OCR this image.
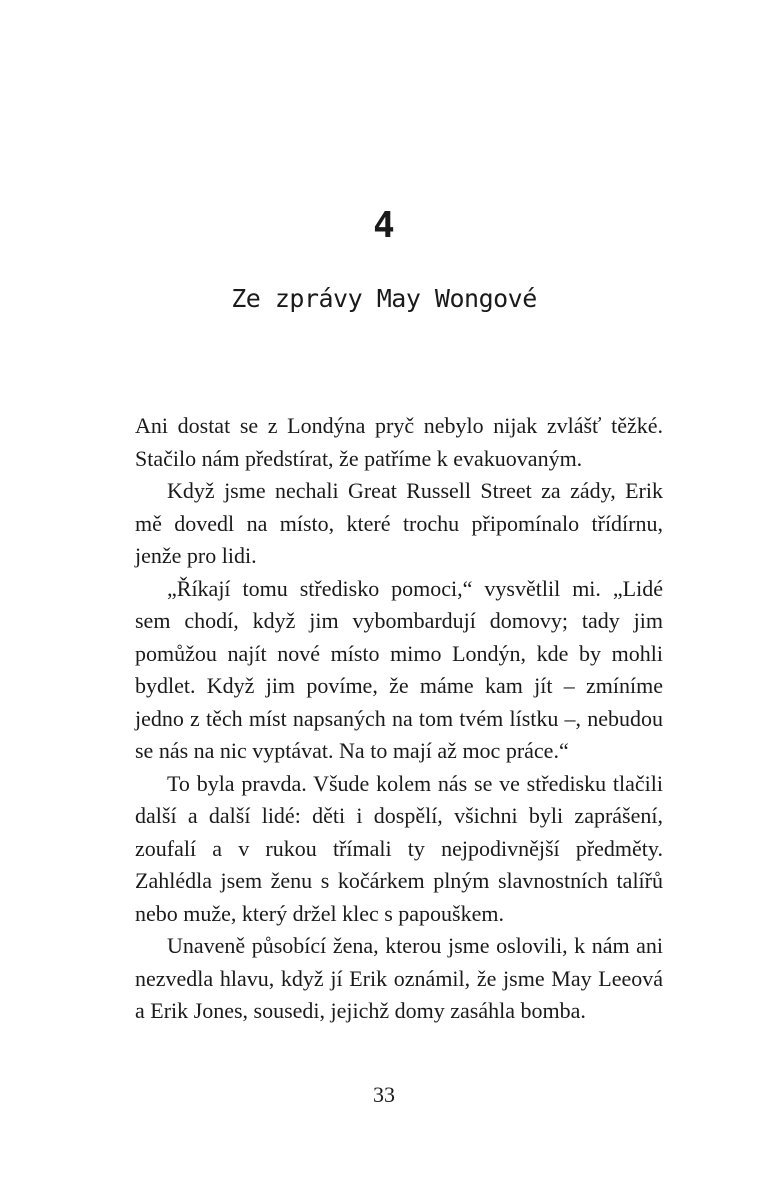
4
Ze zprávy May Wongové

Ani dostat se z Londýna pryč nebylo nijak zvlášť těžké. Stačilo nám předstírat, že patříme k evakuovaným.

Když jsme nechali Great Russell Street za zády, Erik mě dovedl na místo, které trochu připomínalo třídírnu, jenže pro lidi.

„Říkají tomu středisko pomoci,“ vysvětlil mi. „Lidé sem chodí, když jim vybombardují domovy; tady jim pomůžou najít nové místo mimo Londýn, kde by mohli bydlet. Když jim povíme, že máme kam jít – zmíníme jedno z těch míst napsaných na tom tvém lístku –, nebudou se nás na nic vyptávat. Na to mají až moc práce.“

To byla pravda. Všude kolem nás se ve středisku tlačili další a další lidé: děti i dospělí, všichni byli zaprášení, zoufalí a v rukou třímali ty nejpodivnější předměty. Zahlédla jsem ženu s kočárkem plným slavnostních talířů nebo muže, který držel klec s papouškem.

Unaveně působící žena, kterou jsme oslovili, k nám ani nezvedla hlavu, když jí Erik oznámil, že jsme May Leeová a Erik Jones, sousedi, jejichž domy zasáhla bomba.

33
